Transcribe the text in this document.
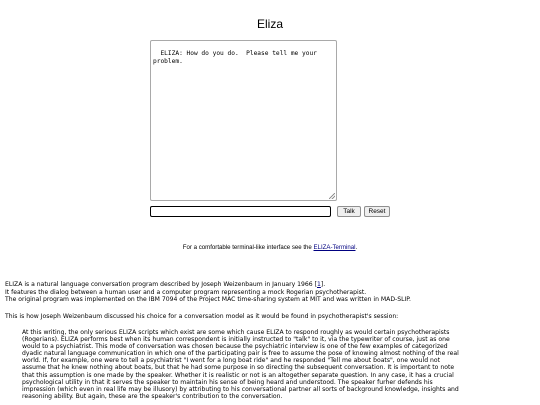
Eliza

ELIZA: How do you do.  Please tell me your problem.

Talk	Reset
For a comfortable terminal-like interface see the ELIZA-Terminal.

ELIZA is a natural language conversation program described by Joseph Weizenbaum in January 1966 [1].

It features the dialog between a human user and a computer program representing a mock Rogerian psychotherapist.

The original program was implemented on the IBM 7094 of the Project MAC time-sharing system at MIT and was written in MAD-SLIP.

This is how Joseph Weizenbaum discussed his choice for a conversation model as it would be found in psychotherapist's session:
At this writing, the only serious ELIZA scripts which exist are some which cause ELIZA to respond roughly as would certain psychotherapists
(Rogerians). ELIZA performs best when its human correspondent is initially instructed to "talk" to it, via the typewriter of course, just as one
would to a psychiatrist. This mode of conversation was chosen because the psychiatric interview is one of the few examples of categorized
dyadic natural language communication in which one of the participating pair is free to assume the pose of knowing almost nothing of the real
world. If, for example, one were to tell a psychiatrist "I went for a long boat ride" and he responded "Tell me about boats", one would not
assume that he knew nothing about boats, but that he had some purpose in so directing the subsequent conversation. It is important to note
that this assumption is one made by the speaker. Whether it is realistic or not is an altogether separate question. In any case, it has a crucial
psychological utility in that it serves the speaker to maintain his sense of being heard and understood. The speaker furher defends his
impression (which even in real life may be illusory) by attributing to his conversational partner all sorts of background knowledge, insights and
reasoning ability. But again, these are the speaker's contribution to the conversation.
